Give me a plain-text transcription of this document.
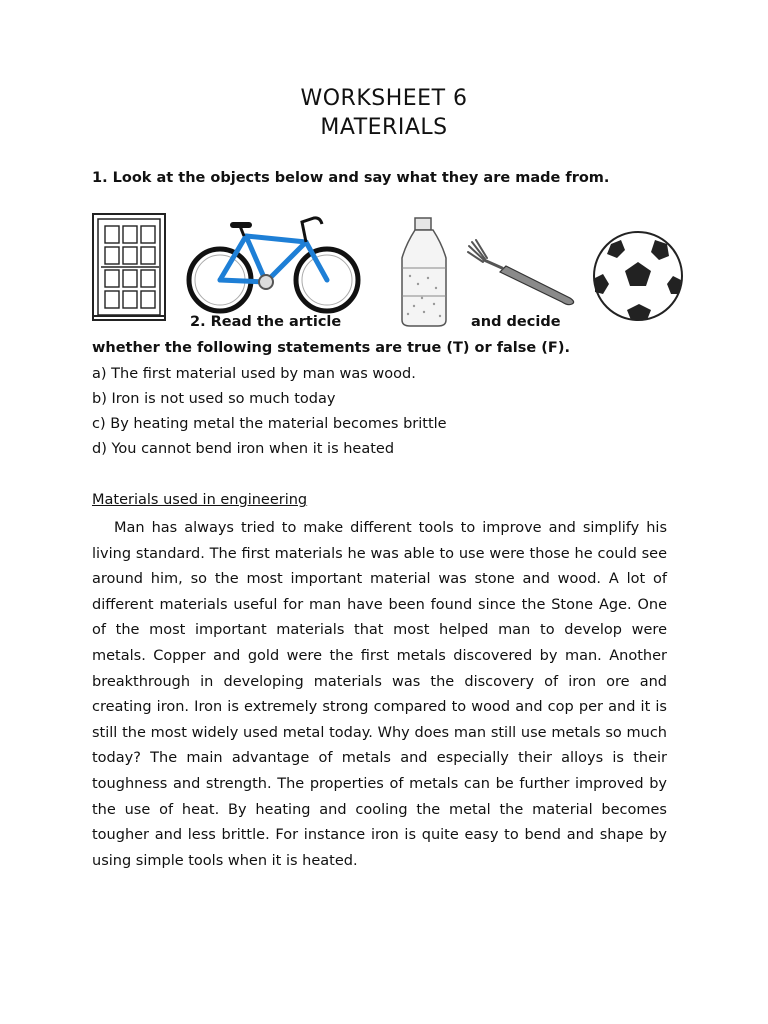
WORKSHEET 6
MATERIALS
1. Look at the objects below and say what they are made from.
2. Read the article	and decide
whether the following statements are true (T) or false (F).
a) The first material used by man was wood.
b) Iron is not used so much today
c) By heating metal the material becomes brittle
d) You cannot bend iron when it is heated
Materials used in engineering

Man has always tried to make different tools to improve and simplify his living standard. The first materials he was able to use were those he could see around him, so the most important material was stone and wood. A lot of different materials useful for man have been found since the Stone Age. One of the most important materials that most helped man to develop were metals. Copper and gold were the first metals discovered by man. Another breakthrough in developing materials was the discovery of iron ore and creating iron. Iron is extremely strong compared to wood and cop per and it is still the most widely used metal today. Why does man still use metals so much today? The main advantage of metals and especially their alloys is their toughness and strength. The properties of metals can be further improved by the use of heat. By heating and cooling the metal the material becomes tougher and less brittle. For instance iron is quite easy to bend and shape by using simple tools when it is heated.
